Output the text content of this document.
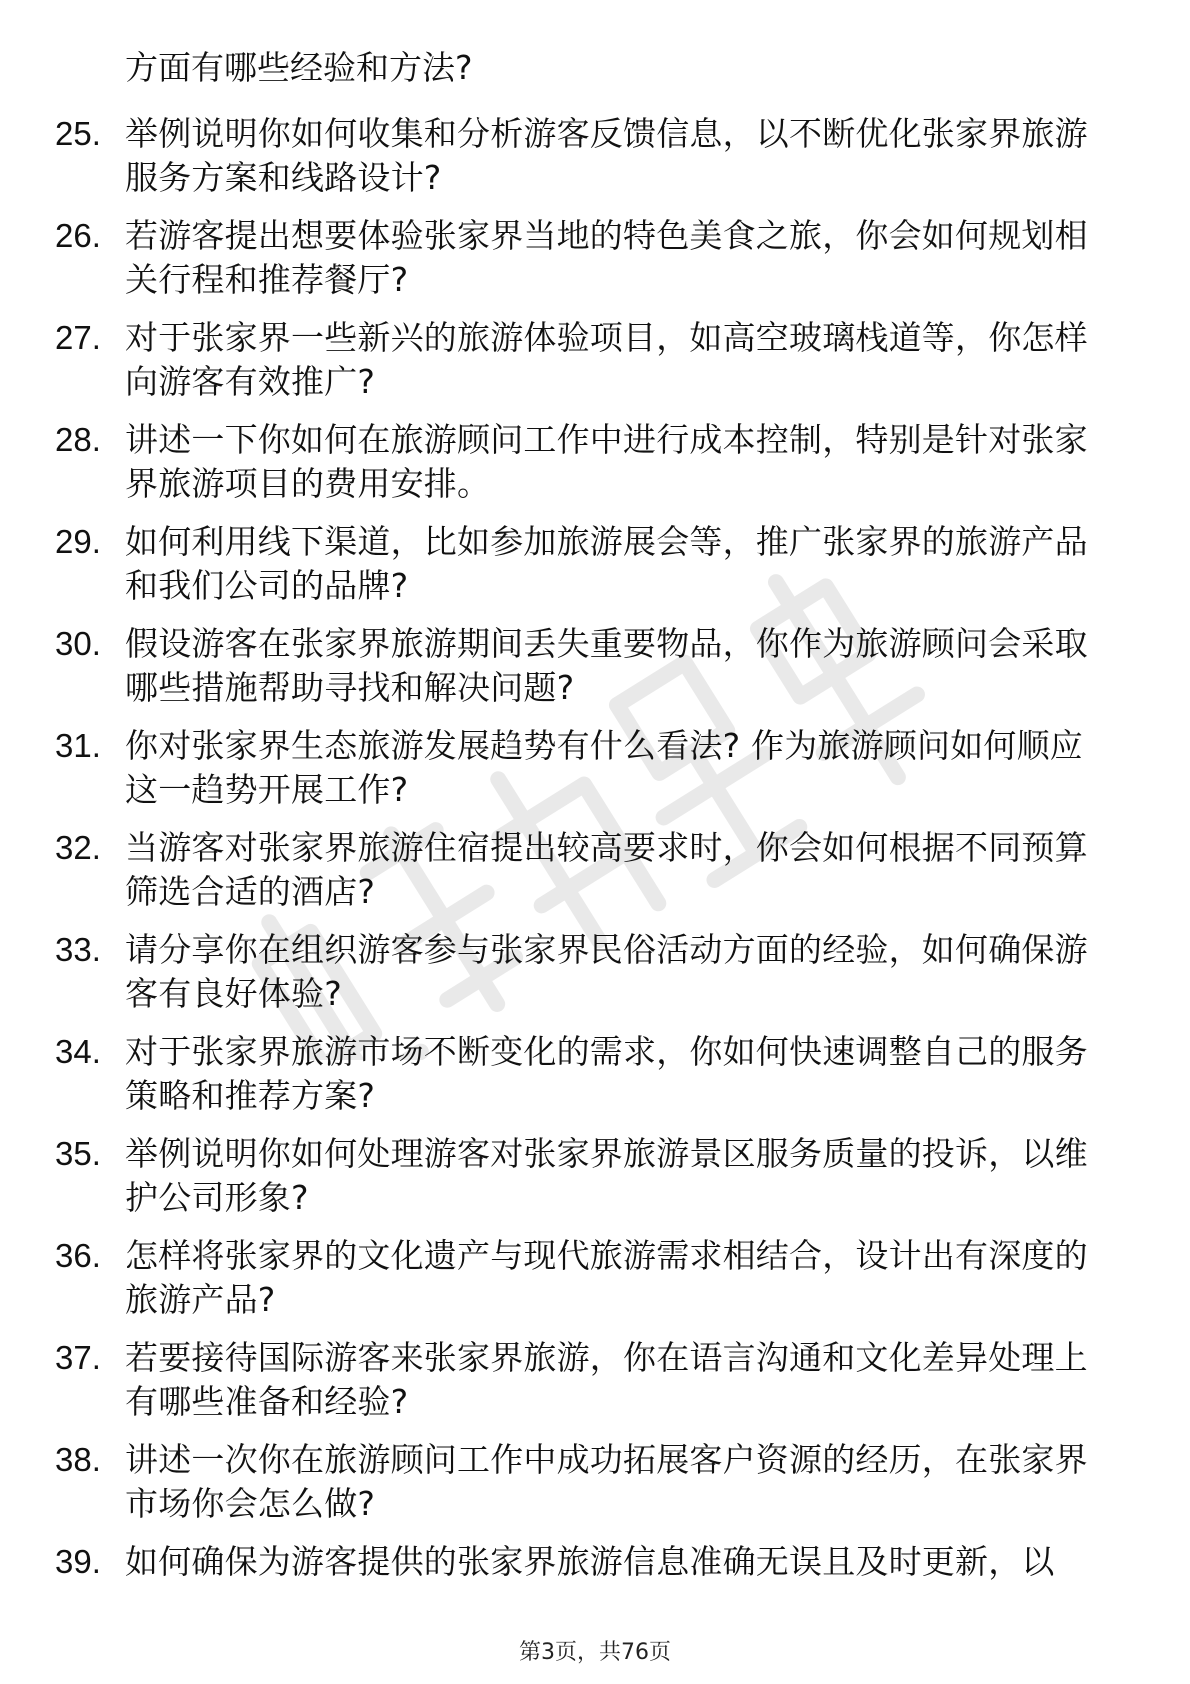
方面有哪些经验和方法?

25. 举例说明你如何收集和分析游客反馈信息，以不断优化张家界旅游服务方案和线路设计?
26. 若游客提出想要体验张家界当地的特色美食之旅，你会如何规划相关行程和推荐餐厅?
27. 对于张家界一些新兴的旅游体验项目，如高空玻璃栈道等，你怎样向游客有效推广?
28. 讲述一下你如何在旅游顾问工作中进行成本控制，特别是针对张家界旅游项目的费用安排。
29. 如何利用线下渠道，比如参加旅游展会等，推广张家界的旅游产品和我们公司的品牌?
30. 假设游客在张家界旅游期间丢失重要物品，你作为旅游顾问会采取哪些措施帮助寻找和解决问题?
31. 你对张家界生态旅游发展趋势有什么看法? 作为旅游顾问如何顺应这一趋势开展工作?
32. 当游客对张家界旅游住宿提出较高要求时，你会如何根据不同预算筛选合适的酒店?
33. 请分享你在组织游客参与张家界民俗活动方面的经验，如何确保游客有良好体验?
34. 对于张家界旅游市场不断变化的需求，你如何快速调整自己的服务策略和推荐方案?
35. 举例说明你如何处理游客对张家界旅游景区服务质量的投诉，以维护公司形象?
36. 怎样将张家界的文化遗产与现代旅游需求相结合，设计出有深度的旅游产品?
37. 若要接待国际游客来张家界旅游，你在语言沟通和文化差异处理上有哪些准备和经验?
38. 讲述一次你在旅游顾问工作中成功拓展客户资源的经历，在张家界市场你会怎么做?
39. 如何确保为游客提供的张家界旅游信息准确无误且及时更新，以
第3页，共76页
